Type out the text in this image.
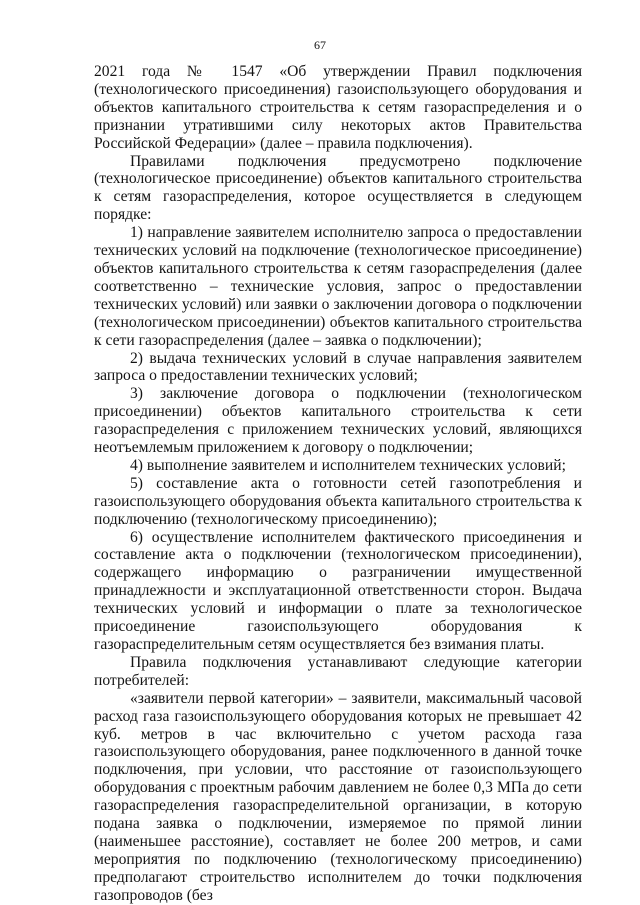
67

2021 года № 1547 «Об утверждении Правил подключения (технологического присоединения) газоиспользующего оборудования и объектов капитального строительства к сетям газораспределения и о признании утратившими силу некоторых актов Правительства Российской Федерации» (далее – правила подключения).

Правилами подключения предусмотрено подключение (технологическое присоединение) объектов капитального строительства к сетям газораспределения, которое осуществляется в следующем порядке:

1) направление заявителем исполнителю запроса о предоставлении технических условий на подключение (технологическое присоединение) объектов капитального строительства к сетям газораспределения (далее соответственно – технические условия, запрос о предоставлении технических условий) или заявки о заключении договора о подключении (технологическом присоединении) объектов капитального строительства к сети газораспределения (далее – заявка о подключении);

2) выдача технических условий в случае направления заявителем запроса о предоставлении технических условий;

3) заключение договора о подключении (технологическом присоединении) объектов капитального строительства к сети газораспределения с приложением технических условий, являющихся неотъемлемым приложением к договору о подключении;

4) выполнение заявителем и исполнителем технических условий;

5) составление акта о готовности сетей газопотребления и газоиспользующего оборудования объекта капитального строительства к подключению (технологическому присоединению);

6) осуществление исполнителем фактического присоединения и составление акта о подключении (технологическом присоединении), содержащего информацию о разграничении имущественной принадлежности и эксплуатационной ответственности сторон. Выдача технических условий и информации о плате за технологическое присоединение газоиспользующего оборудования к газораспределительным сетям осуществляется без взимания платы.

Правила подключения устанавливают следующие категории потребителей:

«заявители первой категории» – заявители, максимальный часовой расход газа газоиспользующего оборудования которых не превышает 42 куб. метров в час включительно с учетом расхода газа газоиспользующего оборудования, ранее подключенного в данной точке подключения, при условии, что расстояние от газоиспользующего оборудования с проектным рабочим давлением не более 0,3 МПа до сети газораспределения газораспределительной организации, в которую подана заявка о подключении, измеряемое по прямой линии (наименьшее расстояние), составляет не более 200 метров, и сами мероприятия по подключению (технологическому присоединению) предполагают строительство исполнителем до точки подключения газопроводов (без
